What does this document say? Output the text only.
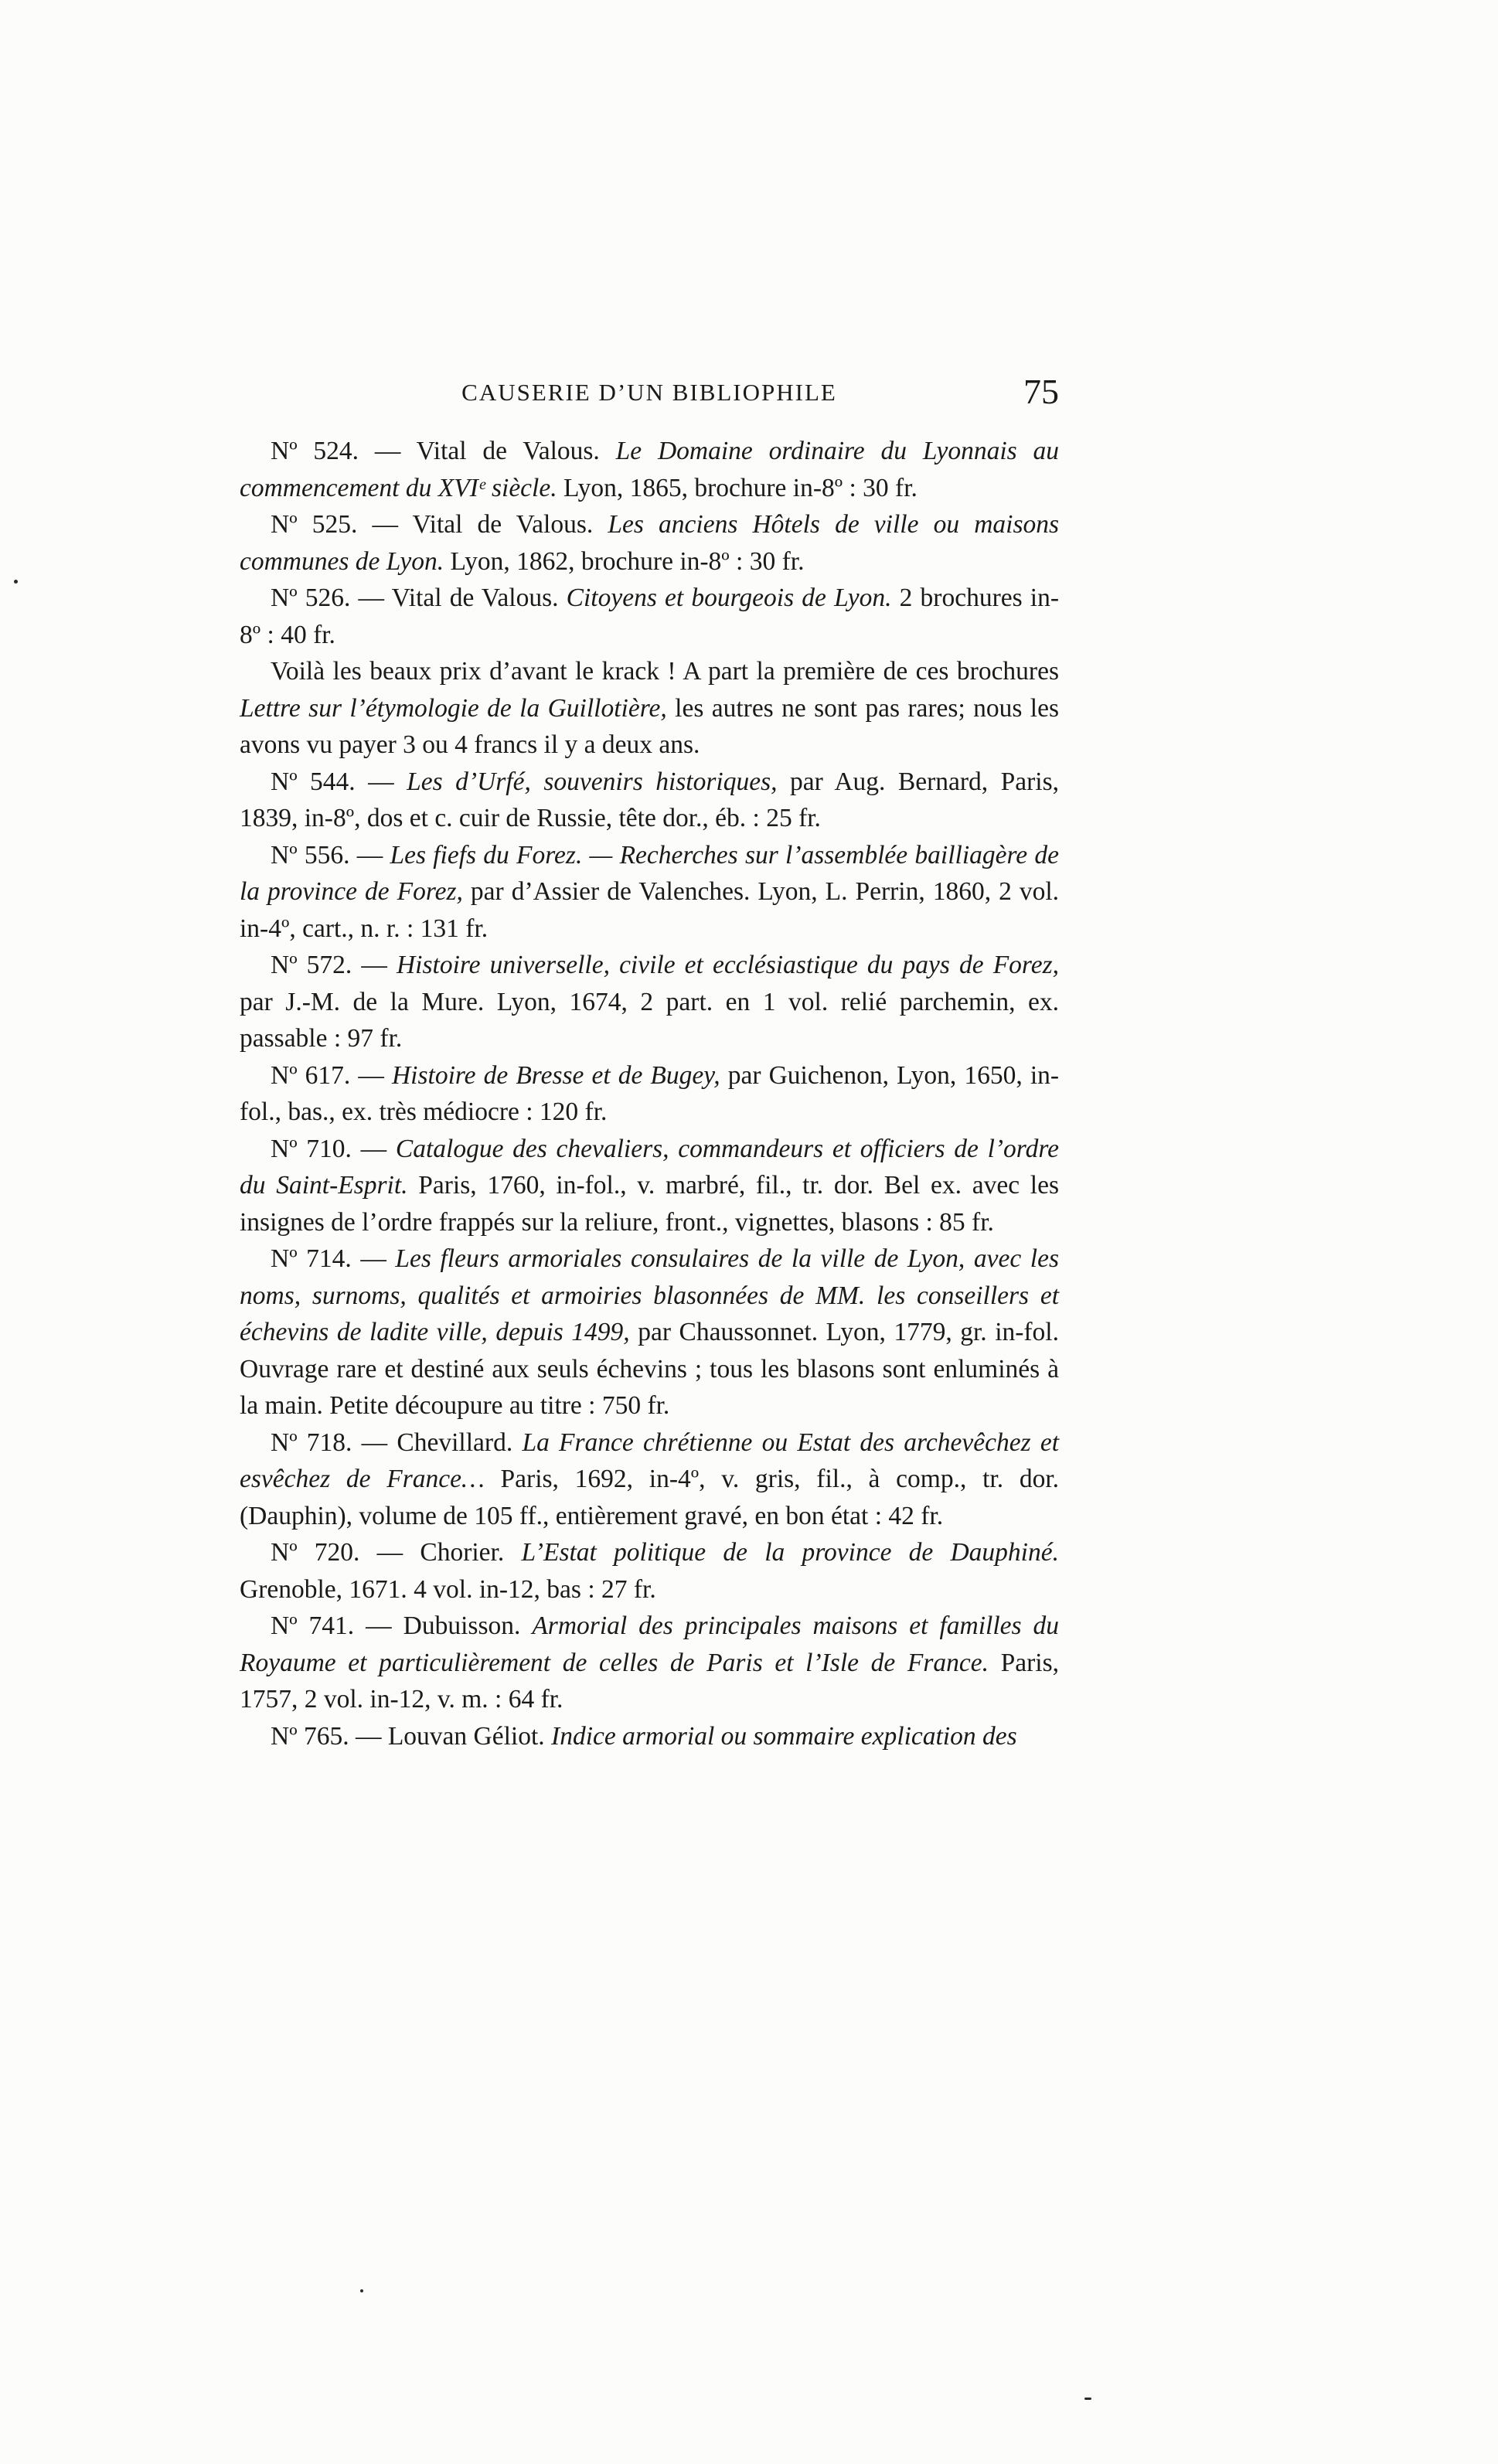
CAUSERIE D’UN BIBLIOPHILE	75

Nº 524. — Vital de Valous. Le Domaine ordinaire du Lyonnais au commencement du XVIᵉ siècle. Lyon, 1865, brochure in-8º : 30 fr.

Nº 525. — Vital de Valous. Les anciens Hôtels de ville ou maisons communes de Lyon. Lyon, 1862, brochure in-8º : 30 fr.

Nº 526. — Vital de Valous. Citoyens et bourgeois de Lyon. 2 brochures in-8º : 40 fr.

Voilà les beaux prix d’avant le krack ! A part la première de ces brochures Lettre sur l’étymologie de la Guillotière, les autres ne sont pas rares; nous les avons vu payer 3 ou 4 francs il y a deux ans.

Nº 544. — Les d’Urfé, souvenirs historiques, par Aug. Bernard, Paris, 1839, in-8º, dos et c. cuir de Russie, tête dor., éb. : 25 fr.

Nº 556. — Les fiefs du Forez. — Recherches sur l’assemblée bailliagère de la province de Forez, par d’Assier de Valenches. Lyon, L. Perrin, 1860, 2 vol. in-4º, cart., n. r. : 131 fr.

Nº 572. — Histoire universelle, civile et ecclésiastique du pays de Forez, par J.-M. de la Mure. Lyon, 1674, 2 part. en 1 vol. relié parchemin, ex. passable : 97 fr.

Nº 617. — Histoire de Bresse et de Bugey, par Guichenon, Lyon, 1650, in-fol., bas., ex. très médiocre : 120 fr.

Nº 710. — Catalogue des chevaliers, commandeurs et officiers de l’ordre du Saint-Esprit. Paris, 1760, in-fol., v. marbré, fil., tr. dor. Bel ex. avec les insignes de l’ordre frappés sur la reliure, front., vignettes, blasons : 85 fr.

Nº 714. — Les fleurs armoriales consulaires de la ville de Lyon, avec les noms, surnoms, qualités et armoiries blasonnées de MM. les conseillers et échevins de ladite ville, depuis 1499, par Chaussonnet. Lyon, 1779, gr. in-fol. Ouvrage rare et destiné aux seuls échevins ; tous les blasons sont enluminés à la main. Petite découpure au titre : 750 fr.

Nº 718. — Chevillard. La France chrétienne ou Estat des archevêchez et esvêchez de France… Paris, 1692, in-4º, v. gris, fil., à comp., tr. dor. (Dauphin), volume de 105 ff., entièrement gravé, en bon état : 42 fr.

Nº 720. — Chorier. L’Estat politique de la province de Dauphiné. Grenoble, 1671. 4 vol. in-12, bas : 27 fr.

Nº 741. — Dubuisson. Armorial des principales maisons et familles du Royaume et particulièrement de celles de Paris et l’Isle de France. Paris, 1757, 2 vol. in-12, v. m. : 64 fr.

Nº 765. — Louvan Géliot. Indice armorial ou sommaire explication des
